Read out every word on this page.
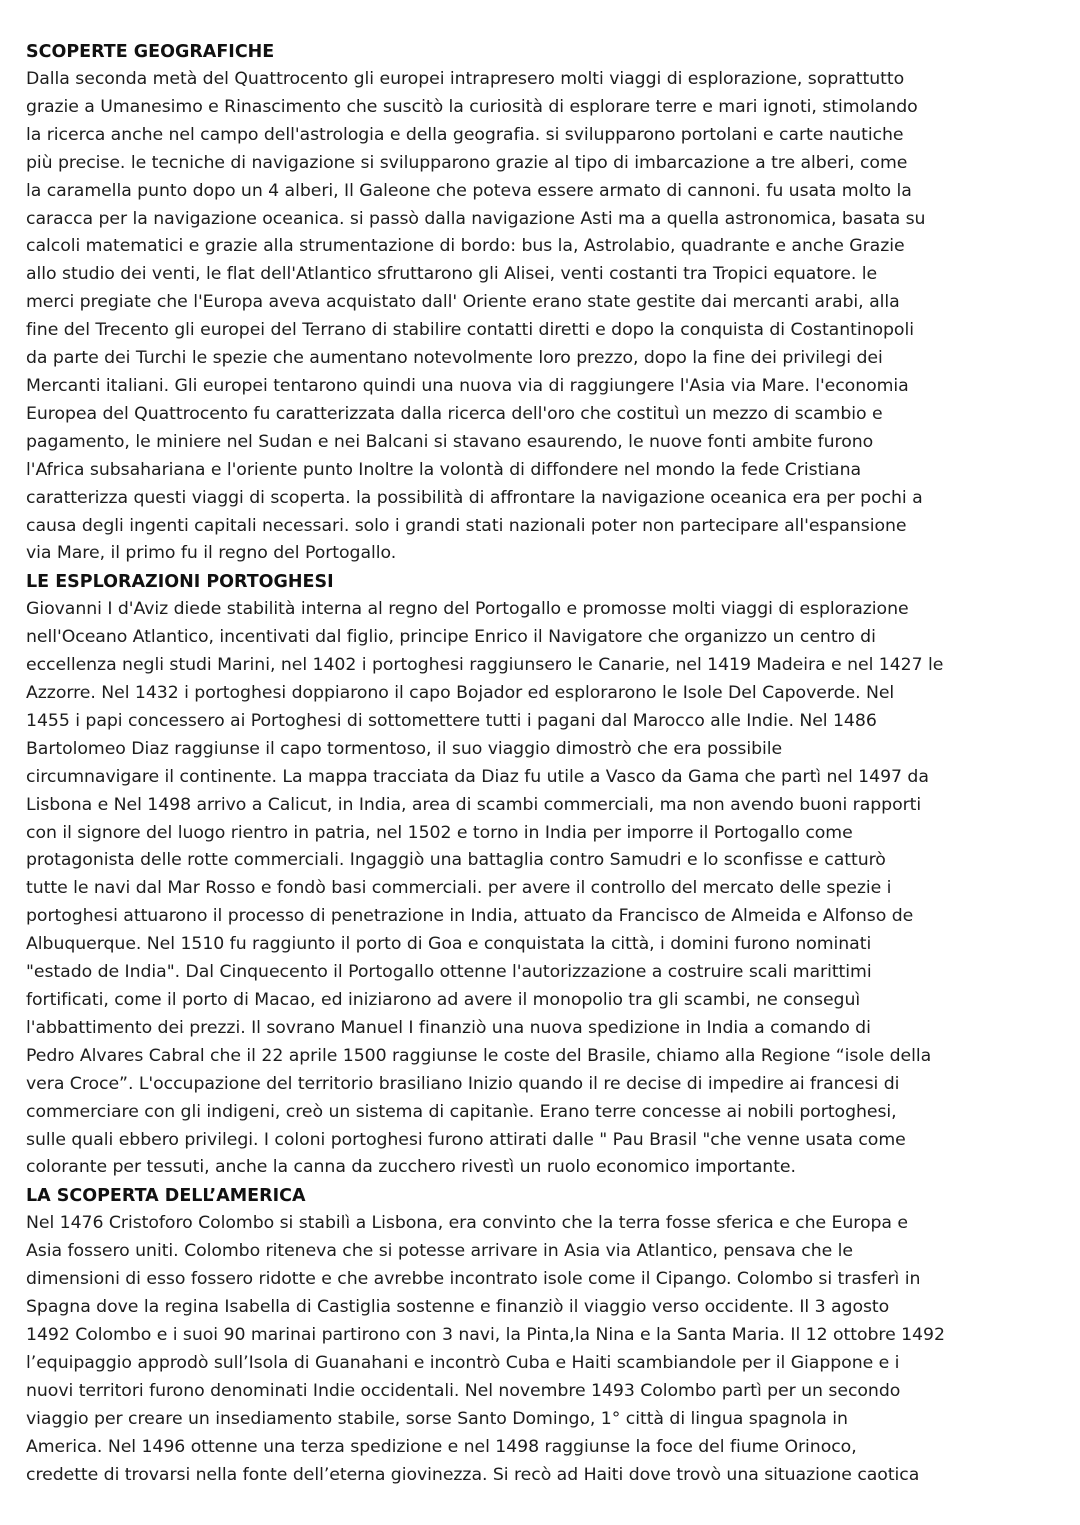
SCOPERTE GEOGRAFICHE

Dalla seconda metà del Quattrocento gli europei intrapresero molti viaggi di esplorazione, soprattutto
grazie a Umanesimo e Rinascimento che suscitò la curiosità di esplorare terre e mari ignoti, stimolando
la ricerca anche nel campo dell'astrologia e della geografia. si svilupparono portolani e carte nautiche
più precise. le tecniche di navigazione si svilupparono grazie al tipo di imbarcazione a tre alberi, come
la caramella punto dopo un 4 alberi, Il Galeone che poteva essere armato di cannoni. fu usata molto la
caracca per la navigazione oceanica. si passò dalla navigazione Asti ma a quella astronomica, basata su
calcoli matematici e grazie alla strumentazione di bordo: bus la, Astrolabio, quadrante e anche Grazie
allo studio dei venti, le flat dell'Atlantico sfruttarono gli Alisei, venti costanti tra Tropici equatore. le
merci pregiate che l'Europa aveva acquistato dall' Oriente erano state gestite dai mercanti arabi, alla
fine del Trecento gli europei del Terrano di stabilire contatti diretti e dopo la conquista di Costantinopoli
da parte dei Turchi le spezie che aumentano notevolmente loro prezzo, dopo la fine dei privilegi dei
Mercanti italiani. Gli europei tentarono quindi una nuova via di raggiungere l'Asia via Mare. l'economia
Europea del Quattrocento fu caratterizzata dalla ricerca dell'oro che costituì un mezzo di scambio e
pagamento, le miniere nel Sudan e nei Balcani si stavano esaurendo, le nuove fonti ambite furono
l'Africa subsahariana e l'oriente punto Inoltre la volontà di diffondere nel mondo la fede Cristiana
caratterizza questi viaggi di scoperta. la possibilità di affrontare la navigazione oceanica era per pochi a
causa degli ingenti capitali necessari. solo i grandi stati nazionali poter non partecipare all'espansione
via Mare, il primo fu il regno del Portogallo.

LE ESPLORAZIONI PORTOGHESI

Giovanni I d'Aviz diede stabilità interna al regno del Portogallo e promosse molti viaggi di esplorazione
nell'Oceano Atlantico, incentivati dal figlio, principe Enrico il Navigatore che organizzo un centro di
eccellenza negli studi Marini, nel 1402 i portoghesi raggiunsero le Canarie, nel 1419 Madeira e nel 1427 le
Azzorre. Nel 1432 i portoghesi doppiarono il capo Bojador ed esplorarono le Isole Del Capoverde. Nel
1455 i papi concessero ai Portoghesi di sottomettere tutti i pagani dal Marocco alle Indie. Nel 1486
Bartolomeo Diaz raggiunse il capo tormentoso, il suo viaggio dimostrò che era possibile
circumnavigare il continente. La mappa tracciata da Diaz fu utile a Vasco da Gama che partì nel 1497 da
Lisbona e Nel 1498 arrivo a Calicut, in India, area di scambi commerciali, ma non avendo buoni rapporti
con il signore del luogo rientro in patria, nel 1502 e torno in India per imporre il Portogallo come
protagonista delle rotte commerciali. Ingaggiò una battaglia contro Samudri e lo sconfisse e catturò
tutte le navi dal Mar Rosso e fondò basi commerciali. per avere il controllo del mercato delle spezie i
portoghesi attuarono il processo di penetrazione in India, attuato da Francisco de Almeida e Alfonso de
Albuquerque. Nel 1510 fu raggiunto il porto di Goa e conquistata la città, i domini furono nominati
"estado de India". Dal Cinquecento il Portogallo ottenne l'autorizzazione a costruire scali marittimi
fortificati, come il porto di Macao, ed iniziarono ad avere il monopolio tra gli scambi, ne conseguì
l'abbattimento dei prezzi. Il sovrano Manuel I finanziò una nuova spedizione in India a comando di
Pedro Alvares Cabral che il 22 aprile 1500 raggiunse le coste del Brasile, chiamo alla Regione “isole della
vera Croce”. L'occupazione del territorio brasiliano Inizio quando il re decise di impedire ai francesi di
commerciare con gli indigeni, creò un sistema di capitanìe. Erano terre concesse ai nobili portoghesi,
sulle quali ebbero privilegi. I coloni portoghesi furono attirati dalle " Pau Brasil "che venne usata come
colorante per tessuti, anche la canna da zucchero rivestì un ruolo economico importante.

LA SCOPERTA DELL’AMERICA

Nel 1476 Cristoforo Colombo si stabilì a Lisbona, era convinto che la terra fosse sferica e che Europa e
Asia fossero uniti. Colombo riteneva che si potesse arrivare in Asia via Atlantico, pensava che le
dimensioni di esso fossero ridotte e che avrebbe incontrato isole come il Cipango. Colombo si trasferì in
Spagna dove la regina Isabella di Castiglia sostenne e finanziò il viaggio verso occidente. Il 3 agosto
1492 Colombo e i suoi 90 marinai partirono con 3 navi, la Pinta,la Nina e la Santa Maria. Il 12 ottobre 1492
l’equipaggio approdò sull’Isola di Guanahani e incontrò Cuba e Haiti scambiandole per il Giappone e i
nuovi territori furono denominati Indie occidentali. Nel novembre 1493 Colombo partì per un secondo
viaggio per creare un insediamento stabile, sorse Santo Domingo, 1° città di lingua spagnola in
America. Nel 1496 ottenne una terza spedizione e nel 1498 raggiunse la foce del fiume Orinoco,
credette di trovarsi nella fonte dell’eterna giovinezza. Si recò ad Haiti dove trovò una situazione caotica
